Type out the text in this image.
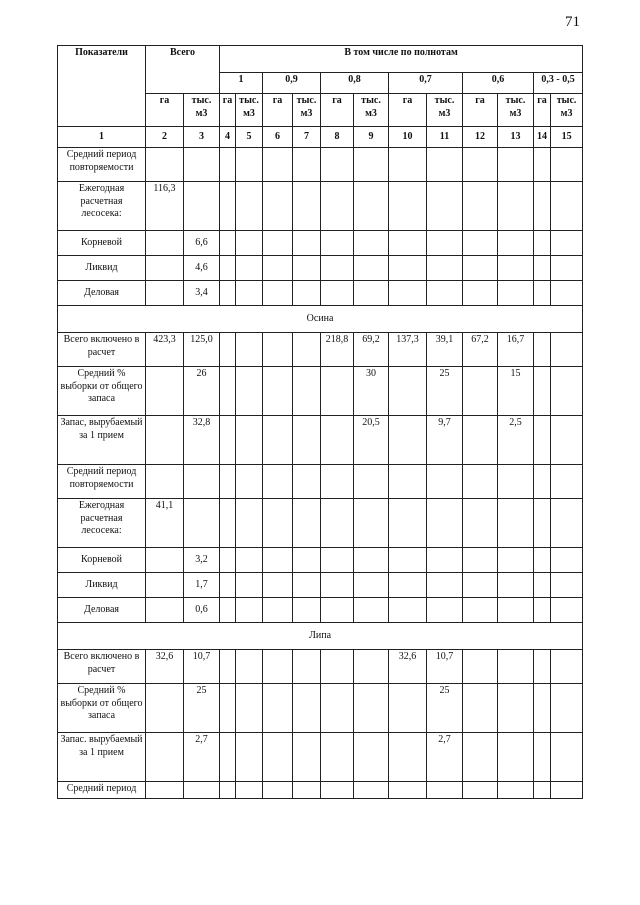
71
Показатели	Всего		В том числе по полнотам											
			1		0,9		0,8		0,7		0,6		0,3 - 0,5	
	га	тыс. м3	га	тыс. м3	га	тыс. м3	га	тыс. м3	га	тыс. м3	га	тыс. м3	га	тыс. м3
1	2	3	4	5	6	7	8	9	10	11	12	13	14	15
Средний период повторяемости														
Ежегодная расчетная лесосека:	116,3													
Корневой		6,6												
Ликвид		4,6												
Деловая		3,4												
Осина														
Всего включено в расчет	423,3	125,0					218,8	69,2	137,3	39,1	67,2	16,7		
Средний % выборки от общего запаса		26						30		25		15		
Запас, вырубаемый за 1 прием		32,8						20,5		9,7		2,5		
Средний период повторяемости														
Ежегодная расчетная лесосека:	41,1													
Корневой		3,2												
Ликвид		1,7												
Деловая		0,6												
Липа														
Всего включено в расчет	32,6	10,7							32,6	10,7				
Средний % выборки от общего запаса		25								25				
Запас. вырубаемый за 1 прием		2,7								2,7				
Средний период														
